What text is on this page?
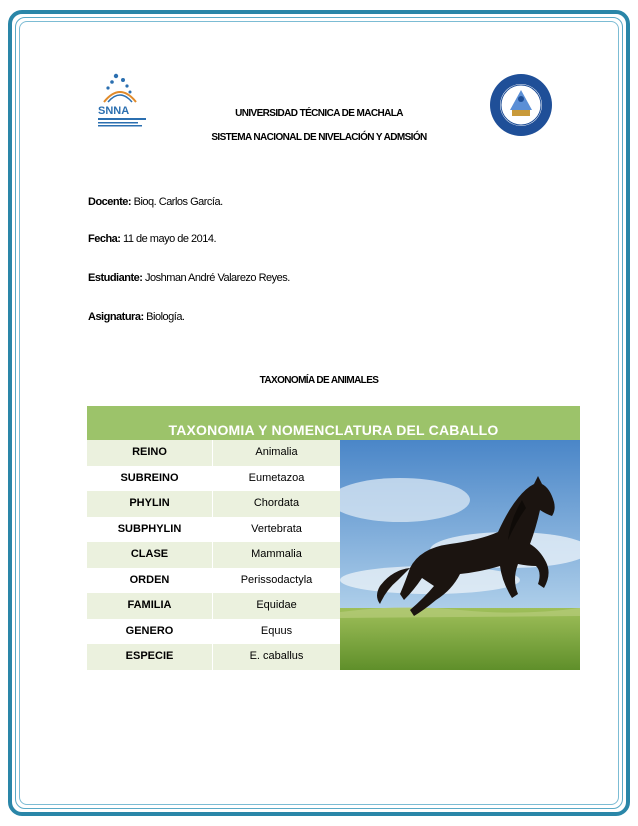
SNNA	UNIVERSIDAD TÉCNICA DE MACHALA
SISTEMA NACIONAL DE NIVELACIÓN Y ADMSIÓN
Docente: Bioq. Carlos García.
Fecha: 11 de mayo de 2014.
Estudiante: Joshman André Valarezo Reyes.
Asignatura: Biología.
TAXONOMÍA DE ANIMALES
TAXONOMIA Y NOMENCLATURA DEL CABALLO
REINO	Animalia
SUBREINO	Eumetazoa
PHYLIN	Chordata
SUBPHYLIN	Vertebrata
CLASE	Mammalia
ORDEN	Perissodactyla
FAMILIA	Equidae
GENERO	Equus
ESPECIE	E. caballus
